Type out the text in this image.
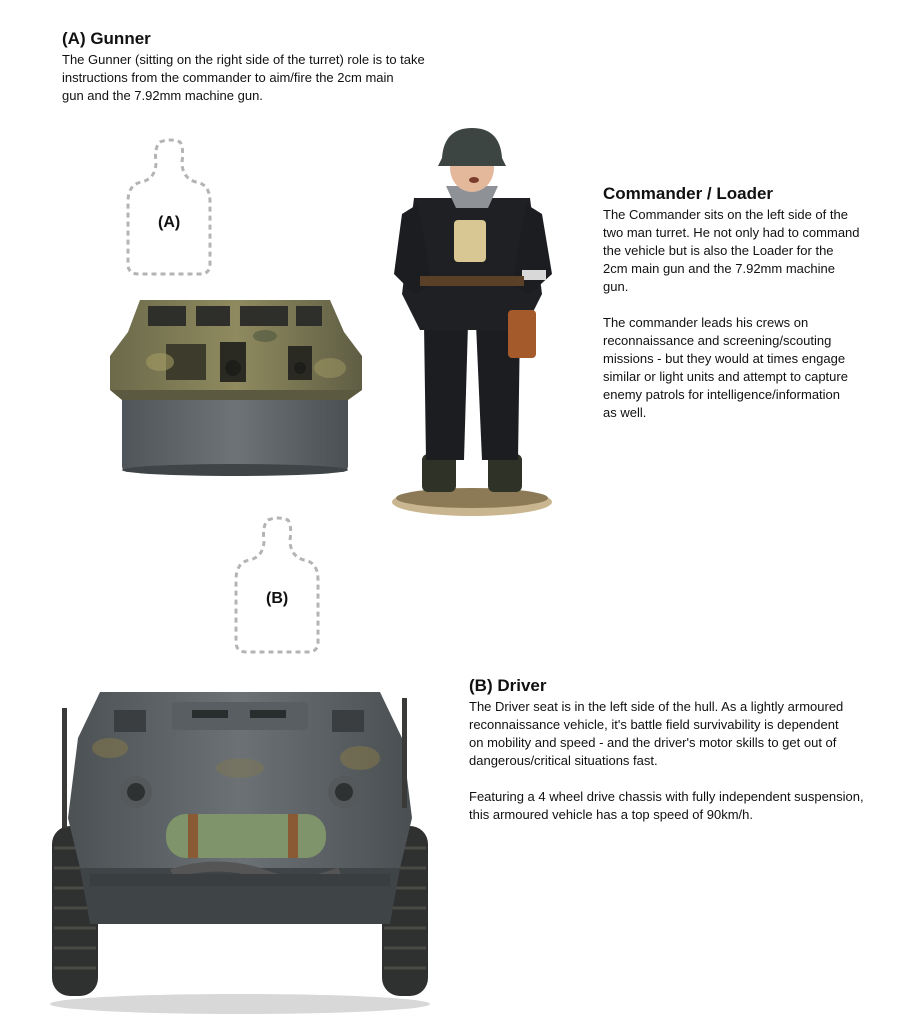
(A) Gunner

The Gunner (sitting on the right side of the turret) role is to take
instructions from the commander to aim/fire the 2cm main
gun and the 7.92mm machine gun.

(A)
Commander / Loader

The Commander sits on the left side of the
two man turret. He not only had to command
the vehicle but is also the Loader for the
2cm main gun and the 7.92mm machine
gun.

The commander leads his crews on
reconnaissance and screening/scouting
missions - but they would at times engage
similar or light units and attempt to capture
enemy patrols for intelligence/information
as well.

(B)
(B) Driver

The Driver seat is in the left side of the hull. As a lightly armoured
reconnaissance vehicle, it's battle field survivability is dependent
on mobility and speed - and the driver's motor skills to get out of
dangerous/critical situations fast.

Featuring a 4 wheel drive chassis with fully independent suspension,
this armoured vehicle has a top speed of 90km/h.
